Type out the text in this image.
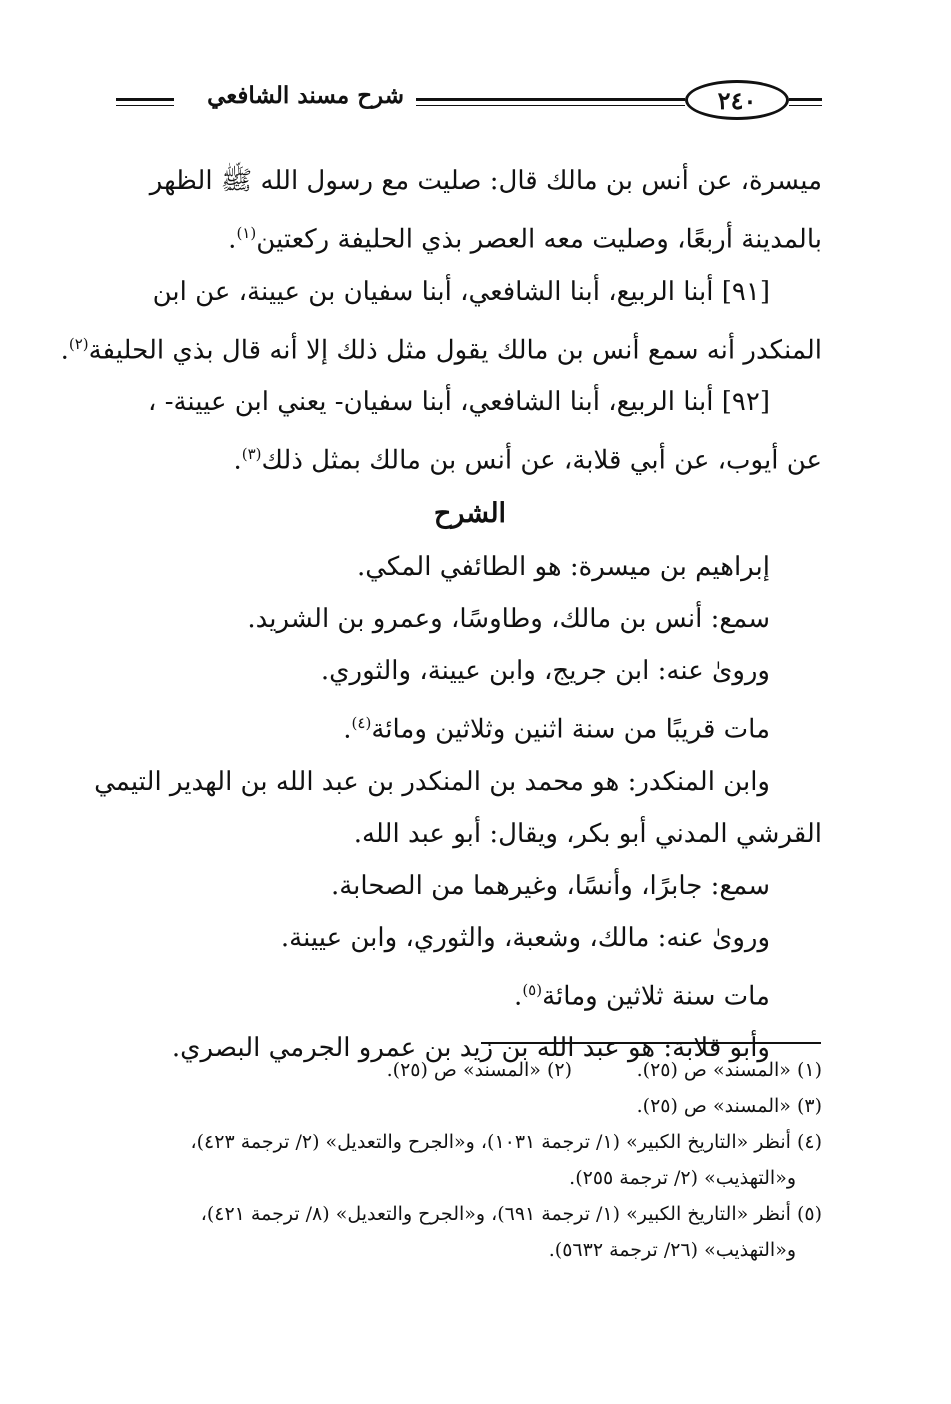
شرح مسند الشافعي	٢٤٠
ميسرة، عن أنس بن مالك قال: صليت مع رسول الله ﷺ الظهر
بالمدينة أربعًا، وصليت معه العصر بذي الحليفة ركعتين$^{(١)}$.
[٩١] أبنا الربيع، أبنا الشافعي، أبنا سفيان بن عيينة، عن ابن
المنكدر أنه سمع أنس بن مالك يقول مثل ذلك إلا أنه قال بذي الحليفة$^{(٢)}$.
[٩٢] أبنا الربيع، أبنا الشافعي، أبنا سفيان- يعني ابن عيينة- ،
عن أيوب، عن أبي قلابة، عن أنس بن مالك بمثل ذلك$^{(٣)}$.
الشرح
إبراهيم بن ميسرة: هو الطائفي المكي.
سمع: أنس بن مالك، وطاوسًا، وعمرو بن الشريد.
وروىٰ عنه: ابن جريج، وابن عيينة، والثوري.
مات قريبًا من سنة اثنين وثلاثين ومائة$^{(٤)}$.
وابن المنكدر: هو محمد بن المنكدر بن عبد الله بن الهدير التيمي
القرشي المدني أبو بكر، ويقال: أبو عبد الله.
سمع: جابرًا، وأنسًا، وغيرهما من الصحابة.
وروىٰ عنه: مالك، وشعبة، والثوري، وابن عيينة.
مات سنة ثلاثين ومائة$^{(٥)}$.
وأبو قلابة: هو عبد الله بن زيد بن عمرو الجرمي البصري.
(١) «المسند» ص (٢٥).
(٢) «المسند» ص (٢٥).
(٣) «المسند» ص (٢٥).
(٤) أنظر «التاريخ الكبير» (١/ ترجمة ١٠٣١)، و«الجرح والتعديل» (٢/ ترجمة ٤٢٣)،
و«التهذيب» (٢/ ترجمة ٢٥٥).
(٥) أنظر «التاريخ الكبير» (١/ ترجمة ٦٩١)، و«الجرح والتعديل» (٨/ ترجمة ٤٢١)،
و«التهذيب» (٢٦/ ترجمة ٥٦٣٢).
